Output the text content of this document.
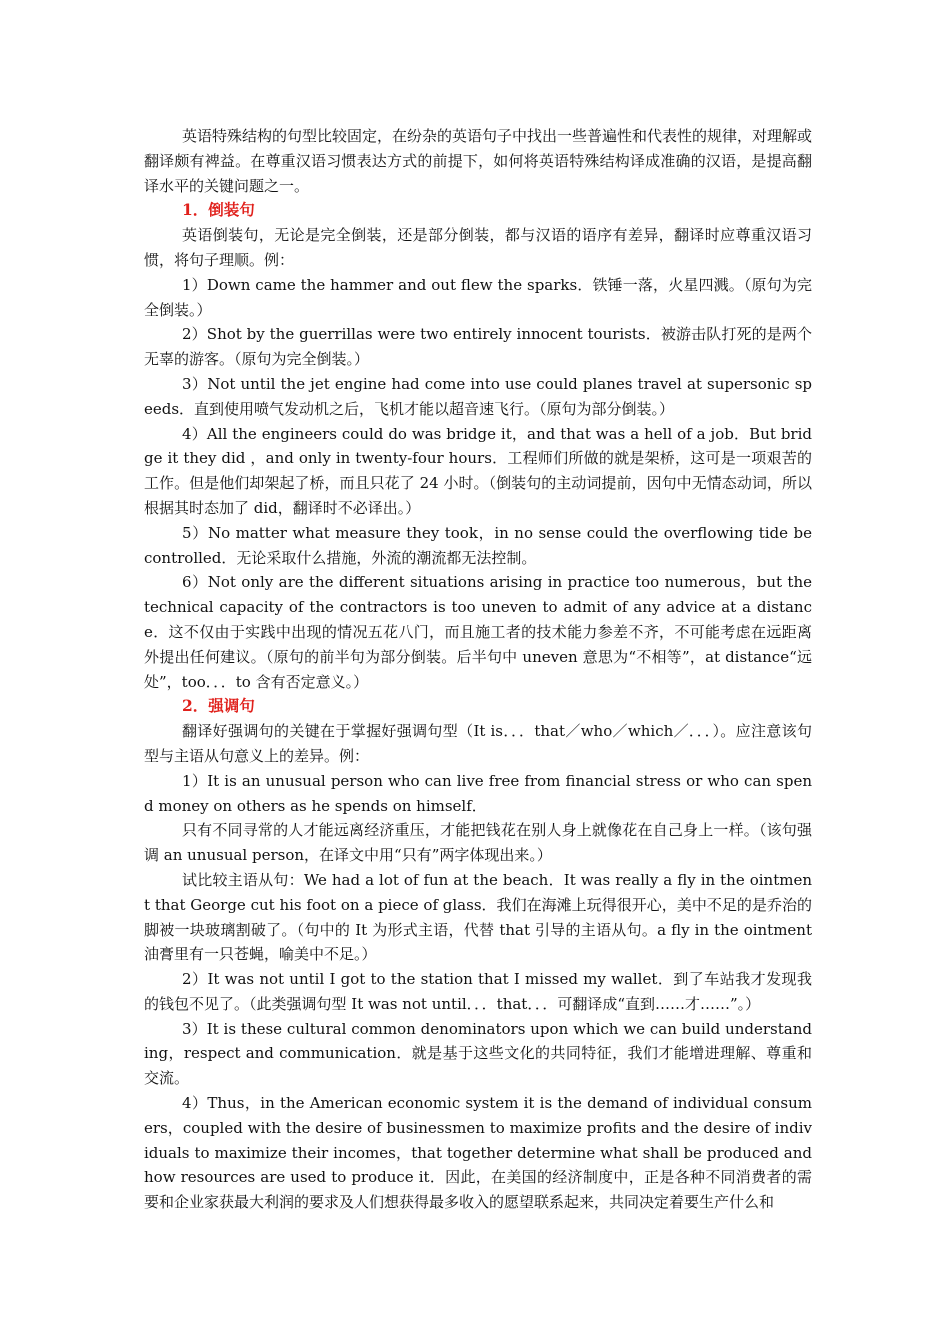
英语特殊结构的句型比较固定，在纷杂的英语句子中找出一些普遍性和代表性的规律，对理解或翻译颇有裨益。在尊重汉语习惯表达方式的前提下，如何将英语特殊结构译成准确的汉语，是提高翻译水平的关键问题之一。

1．倒装句

英语倒装句，无论是完全倒装，还是部分倒装，都与汉语的语序有差异，翻译时应尊重汉语习惯，将句子理顺。例：

1）Down came the hammer and out flew the sparks．铁锤一落，火星四溅。（原句为完全倒装。）

2）Shot by the guerrillas were two entirely innocent tourists．被游击队打死的是两个无辜的游客。（原句为完全倒装。）

3）Not until the jet engine had come into use could planes travel at supersonic speeds．直到使用喷气发动机之后，飞机才能以超音速飞行。（原句为部分倒装。）

4）All the engineers could do was bridge it，and that was a hell of a job．But bridge it they did ，and only in twenty-four hours．工程师们所做的就是架桥，这可是一项艰苦的工作。但是他们却架起了桥，而且只花了 24 小时。（倒装句的主动词提前，因句中无情态动词，所以根据其时态加了 did，翻译时不必译出。）

5）No matter what measure they took，in no sense could the overflowing tide be controlled．无论采取什么措施，外流的潮流都无法控制。

6）Not only are the different situations arising in practice too numerous，but the technical capacity of the contractors is too uneven to admit of any advice at a distance．这不仅由于实践中出现的情况五花八门，而且施工者的技术能力参差不齐，不可能考虑在远距离外提出任何建议。（原句的前半句为部分倒装。后半句中 uneven 意思为“不相等”，at distance“远处”，too．．．to 含有否定意义。）

2．强调句

翻译好强调句的关键在于掌握好强调句型（It is．．．that／who／which／．．．）。应注意该句型与主语从句意义上的差异。例：

1）It is an unusual person who can live free from financial stress or who can spend money on others as he spends on himself．

只有不同寻常的人才能远离经济重压，才能把钱花在别人身上就像花在自己身上一样。（该句强调 an unusual person，在译文中用“只有”两字体现出来。）

试比较主语从句：We had a lot of fun at the beach．It was really a fly in the ointment that George cut his foot on a piece of glass．我们在海滩上玩得很开心，美中不足的是乔治的脚被一块玻璃割破了。（句中的 It 为形式主语，代替 that 引导的主语从句。a fly in the ointment 油膏里有一只苍蝇，喻美中不足。）

2）It was not until I got to the station that I missed my wallet．到了车站我才发现我的钱包不见了。（此类强调句型 It was not until．．．that．．．可翻译成“直到……才……”。）

3）It is these cultural common denominators upon which we can build understanding，respect and communication．就是基于这些文化的共同特征，我们才能增进理解、尊重和交流。

4）Thus，in the American economic system it is the demand of individual consumers，coupled with the desire of businessmen to maximize profits and the desire of individuals to maximize their incomes，that together determine what shall be produced and how resources are used to produce it．因此，在美国的经济制度中，正是各种不同消费者的需要和企业家获最大利润的要求及人们想获得最多收入的愿望联系起来，共同决定着要生产什么和
